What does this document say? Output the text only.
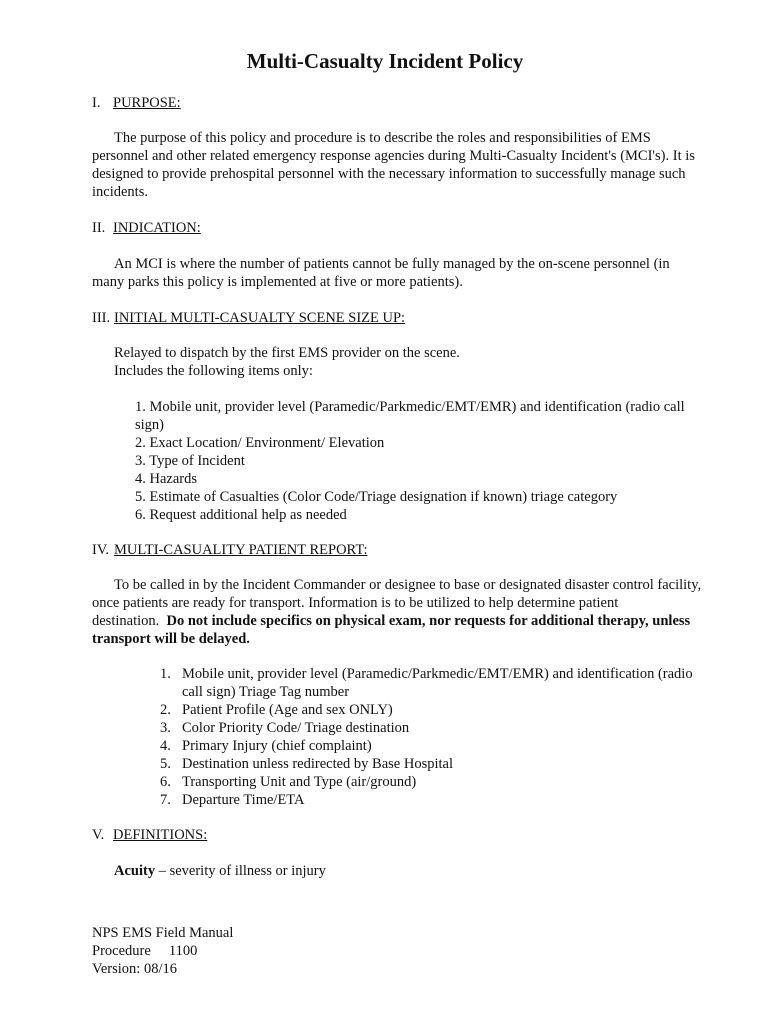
Multi-Casualty Incident Policy
I. PURPOSE:
The purpose of this policy and procedure is to describe the roles and responsibilities of EMS personnel and other related emergency response agencies during Multi-Casualty Incident's (MCI's). It is designed to provide prehospital personnel with the necessary information to successfully manage such incidents.
II. INDICATION:
An MCI is where the number of patients cannot be fully managed by the on-scene personnel (in many parks this policy is implemented at five or more patients).
III. INITIAL MULTI-CASUALTY SCENE SIZE UP:
Relayed to dispatch by the first EMS provider on the scene.
Includes the following items only:
1. Mobile unit, provider level (Paramedic/Parkmedic/EMT/EMR) and identification (radio call sign)
2. Exact Location/ Environment/ Elevation
3. Type of Incident
4. Hazards
5. Estimate of Casualties (Color Code/Triage designation if known) triage category
6. Request additional help as needed
IV. MULTI-CASUALITY PATIENT REPORT:
To be called in by the Incident Commander or designee to base or designated disaster control facility, once patients are ready for transport. Information is to be utilized to help determine patient destination. Do not include specifics on physical exam, nor requests for additional therapy, unless transport will be delayed.
1. Mobile unit, provider level (Paramedic/Parkmedic/EMT/EMR) and identification (radio call sign) Triage Tag number
2. Patient Profile (Age and sex ONLY)
3. Color Priority Code/ Triage destination
4. Primary Injury (chief complaint)
5. Destination unless redirected by Base Hospital
6. Transporting Unit and Type (air/ground)
7. Departure Time/ETA
V. DEFINITIONS:
Acuity – severity of illness or injury
NPS EMS Field Manual
Procedure     1100
Version: 08/16
